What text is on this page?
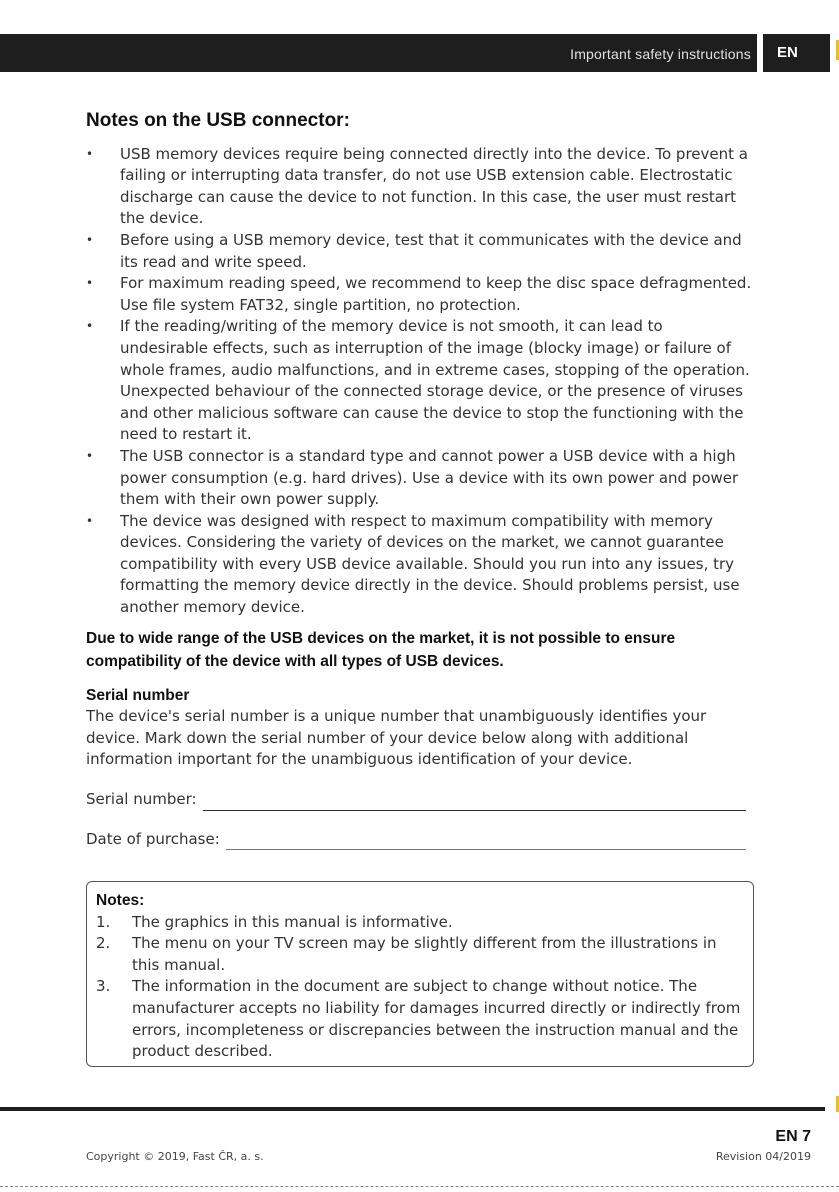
Important safety instructions	EN
Notes on the USB connector:
• USB memory devices require being connected directly into the device. To prevent a failing or interrupting data transfer, do not use USB extension cable. Electrostatic discharge can cause the device to not function. In this case, the user must restart the device.
• Before using a USB memory device, test that it communicates with the device and its read and write speed.
• For maximum reading speed, we recommend to keep the disc space defragmented. Use file system FAT32, single partition, no protection.
• If the reading/writing of the memory device is not smooth, it can lead to undesirable effects, such as interruption of the image (blocky image) or failure of whole frames, audio malfunctions, and in extreme cases, stopping of the operation. Unexpected behaviour of the connected storage device, or the presence of viruses and other malicious software can cause the device to stop the functioning with the need to restart it.
• The USB connector is a standard type and cannot power a USB device with a high power consumption (e.g. hard drives). Use a device with its own power and power them with their own power supply.
• The device was designed with respect to maximum compatibility with memory devices. Considering the variety of devices on the market, we cannot guarantee compatibility with every USB device available. Should you run into any issues, try formatting the memory device directly in the device. Should problems persist, use another memory device.
Due to wide range of the USB devices on the market, it is not possible to ensure compatibility of the device with all types of USB devices.
Serial number
The device's serial number is a unique number that unambiguously identifies your device. Mark down the serial number of your device below along with additional information important for the unambiguous identification of your device.
Serial number:
Date of purchase:
Notes:
1. The graphics in this manual is informative.
2. The menu on your TV screen may be slightly different from the illustrations in this manual.
3. The information in the document are subject to change without notice. The manufacturer accepts no liability for damages incurred directly or indirectly from errors, incompleteness or discrepancies between the instruction manual and the product described.
EN 7
Copyright © 2019, Fast ČR, a. s.	Revision 04/2019
